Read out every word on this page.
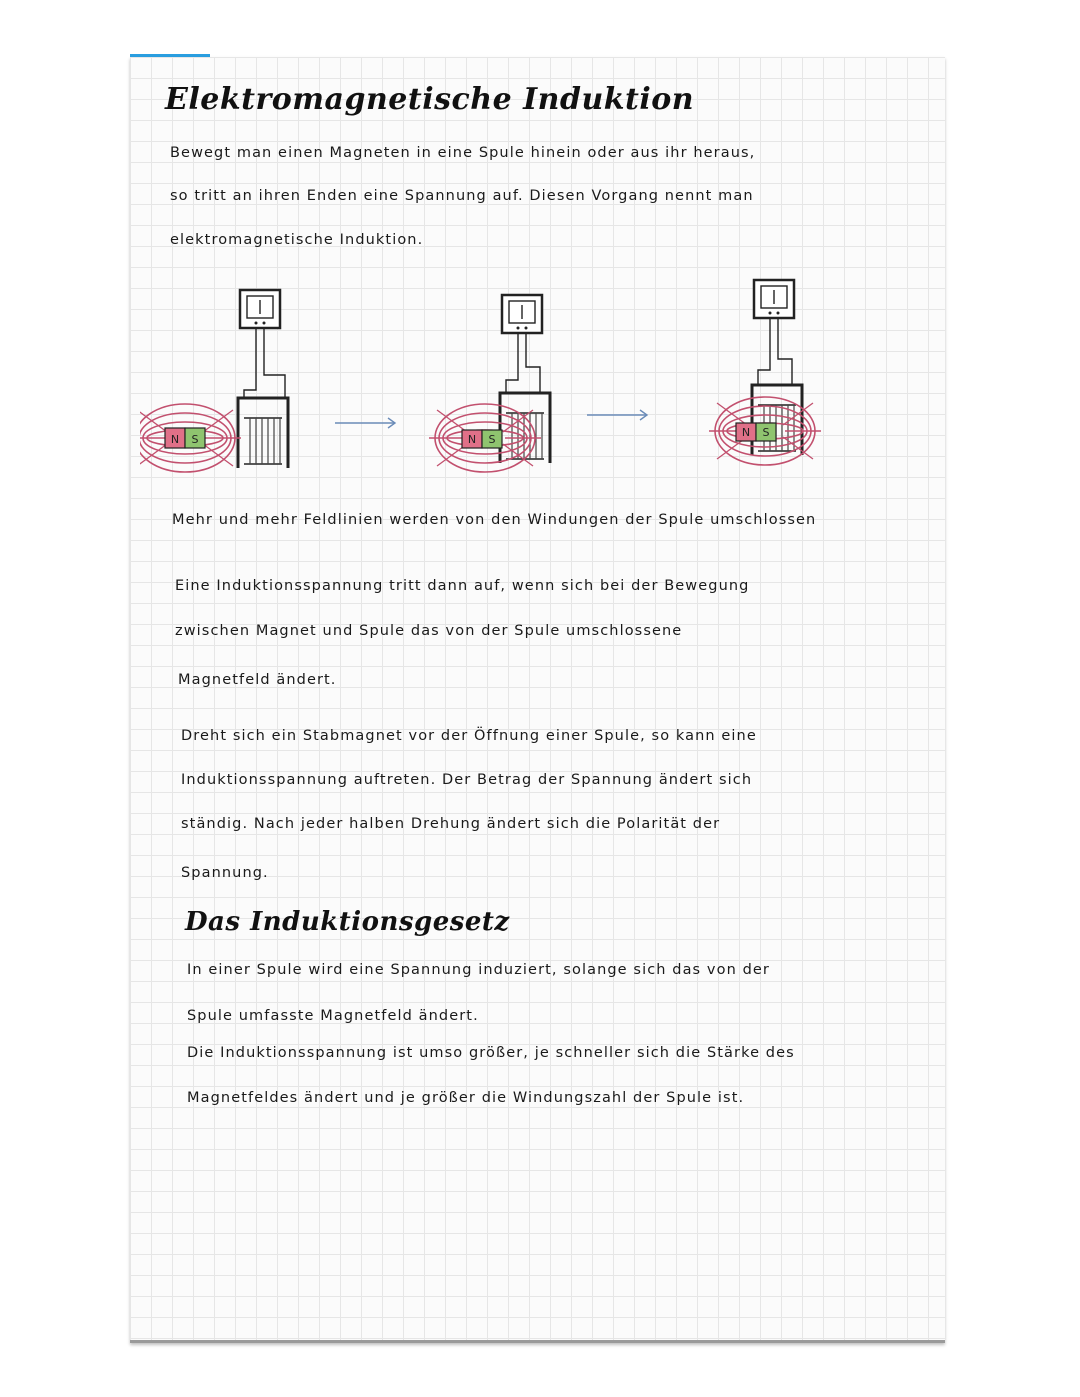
Elektromagnetische Induktion

Bewegt man einen Magneten in eine Spule hinein oder aus ihr heraus,

so tritt an ihren Enden eine Spannung auf. Diesen Vorgang nennt man

elektromagnetische Induktion.

N S	N S
N S

Mehr und mehr Feldlinien werden von den Windungen der Spule umschlossen

Eine Induktionsspannung tritt dann auf, wenn sich bei der Bewegung

zwischen Magnet und Spule das von der Spule umschlossene

Magnetfeld ändert.

Dreht sich ein Stabmagnet vor der Öffnung einer Spule, so kann eine

Induktionsspannung auftreten. Der Betrag der Spannung ändert sich

ständig. Nach jeder halben Drehung ändert sich die Polarität der

Spannung.

Das Induktionsgesetz

In einer Spule wird eine Spannung induziert, solange sich das von der

Spule umfasste Magnetfeld ändert.

Die Induktionsspannung ist umso größer, je schneller sich die Stärke des

Magnetfeldes ändert und je größer die Windungszahl der Spule ist.
